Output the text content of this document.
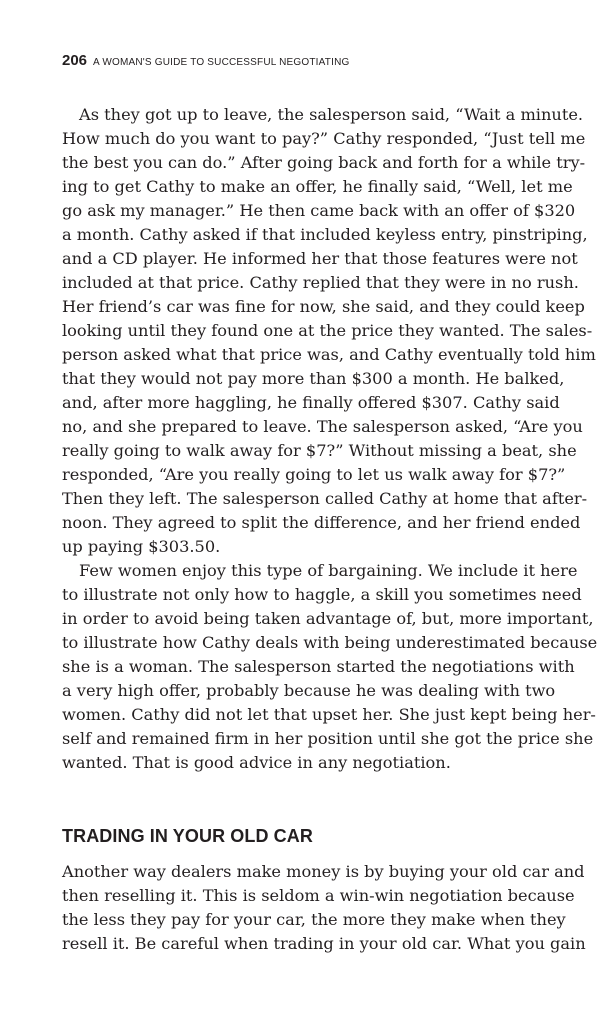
206 A WOMAN'S GUIDE TO SUCCESSFUL NEGOTIATING
As they got up to leave, the salesperson said, “Wait a minute.
How much do you want to pay?” Cathy responded, “Just tell me
the best you can do.” After going back and forth for a while try-
ing to get Cathy to make an offer, he finally said, “Well, let me
go ask my manager.” He then came back with an offer of $320
a month. Cathy asked if that included keyless entry, pinstriping,
and a CD player. He informed her that those features were not
included at that price. Cathy replied that they were in no rush.
Her friend’s car was fine for now, she said, and they could keep
looking until they found one at the price they wanted. The sales-
person asked what that price was, and Cathy eventually told him
that they would not pay more than $300 a month. He balked,
and, after more haggling, he finally offered $307. Cathy said
no, and she prepared to leave. The salesperson asked, “Are you
really going to walk away for $7?” Without missing a beat, she
responded, “Are you really going to let us walk away for $7?”
Then they left. The salesperson called Cathy at home that after-
noon. They agreed to split the difference, and her friend ended
up paying $303.50.
Few women enjoy this type of bargaining. We include it here
to illustrate not only how to haggle, a skill you sometimes need
in order to avoid being taken advantage of, but, more important,
to illustrate how Cathy deals with being underestimated because
she is a woman. The salesperson started the negotiations with
a very high offer, probably because he was dealing with two
women. Cathy did not let that upset her. She just kept being her-
self and remained firm in her position until she got the price she
wanted. That is good advice in any negotiation.
TRADING IN YOUR OLD CAR
Another way dealers make money is by buying your old car and
then reselling it. This is seldom a win-win negotiation because
the less they pay for your car, the more they make when they
resell it. Be careful when trading in your old car. What you gain
